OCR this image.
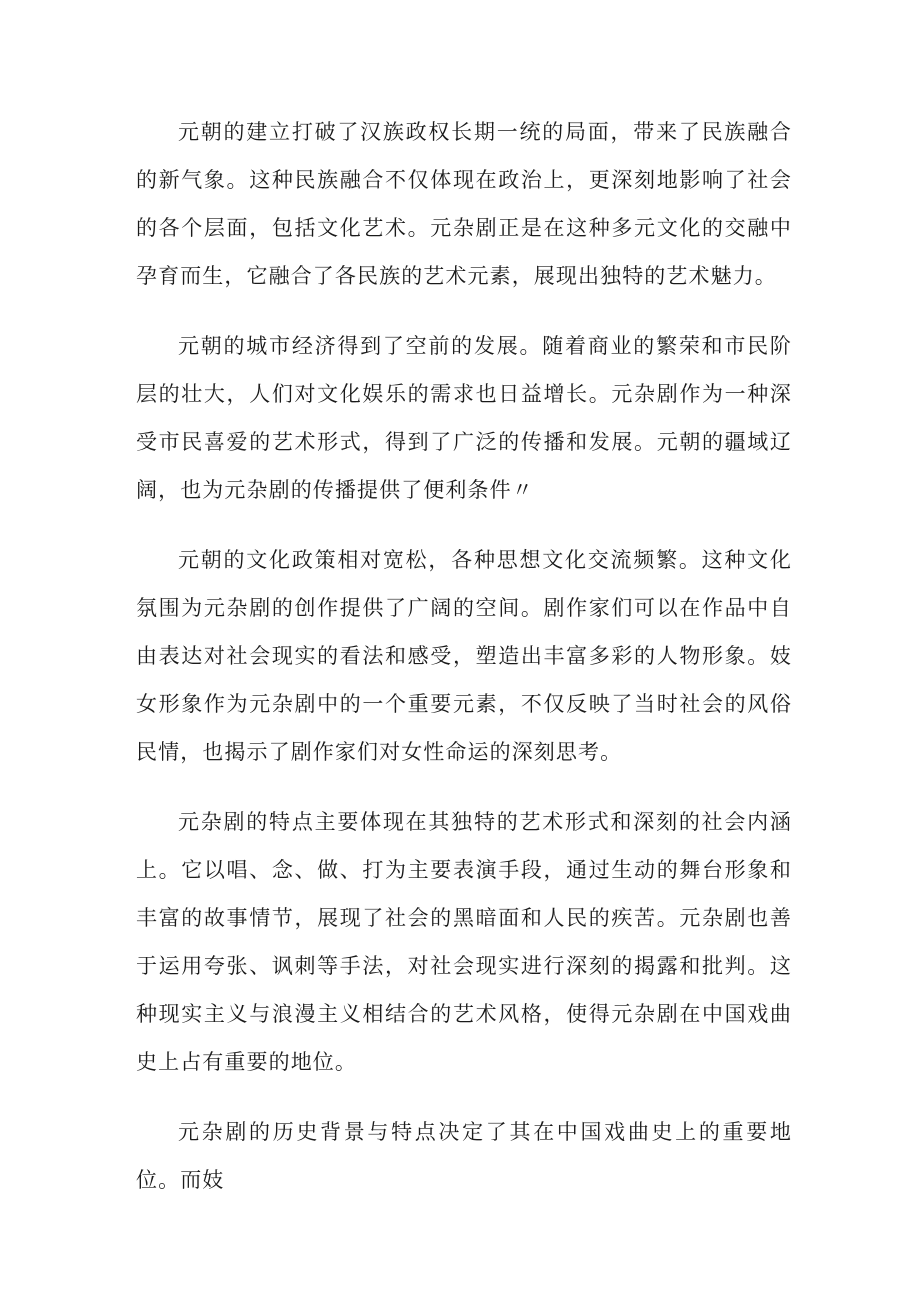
元朝的建立打破了汉族政权长期一统的局面，带来了民族融合的新气象。这种民族融合不仅体现在政治上，更深刻地影响了社会的各个层面，包括文化艺术。元杂剧正是在这种多元文化的交融中孕育而生，它融合了各民族的艺术元素，展现出独特的艺术魅力。

元朝的城市经济得到了空前的发展。随着商业的繁荣和市民阶层的壮大，人们对文化娱乐的需求也日益增长。元杂剧作为一种深受市民喜爱的艺术形式，得到了广泛的传播和发展。元朝的疆域辽阔，也为元杂剧的传播提供了便利条件〃

元朝的文化政策相对宽松，各种思想文化交流频繁。这种文化氛围为元杂剧的创作提供了广阔的空间。剧作家们可以在作品中自由表达对社会现实的看法和感受，塑造出丰富多彩的人物形象。妓女形象作为元杂剧中的一个重要元素，不仅反映了当时社会的风俗民情，也揭示了剧作家们对女性命运的深刻思考。

元杂剧的特点主要体现在其独特的艺术形式和深刻的社会内涵上。它以唱、念、做、打为主要表演手段，通过生动的舞台形象和丰富的故事情节，展现了社会的黑暗面和人民的疾苦。元杂剧也善于运用夸张、讽刺等手法，对社会现实进行深刻的揭露和批判。这种现实主义与浪漫主义相结合的艺术风格，使得元杂剧在中国戏曲史上占有重要的地位。

元杂剧的历史背景与特点决定了其在中国戏曲史上的重要地位。而妓
